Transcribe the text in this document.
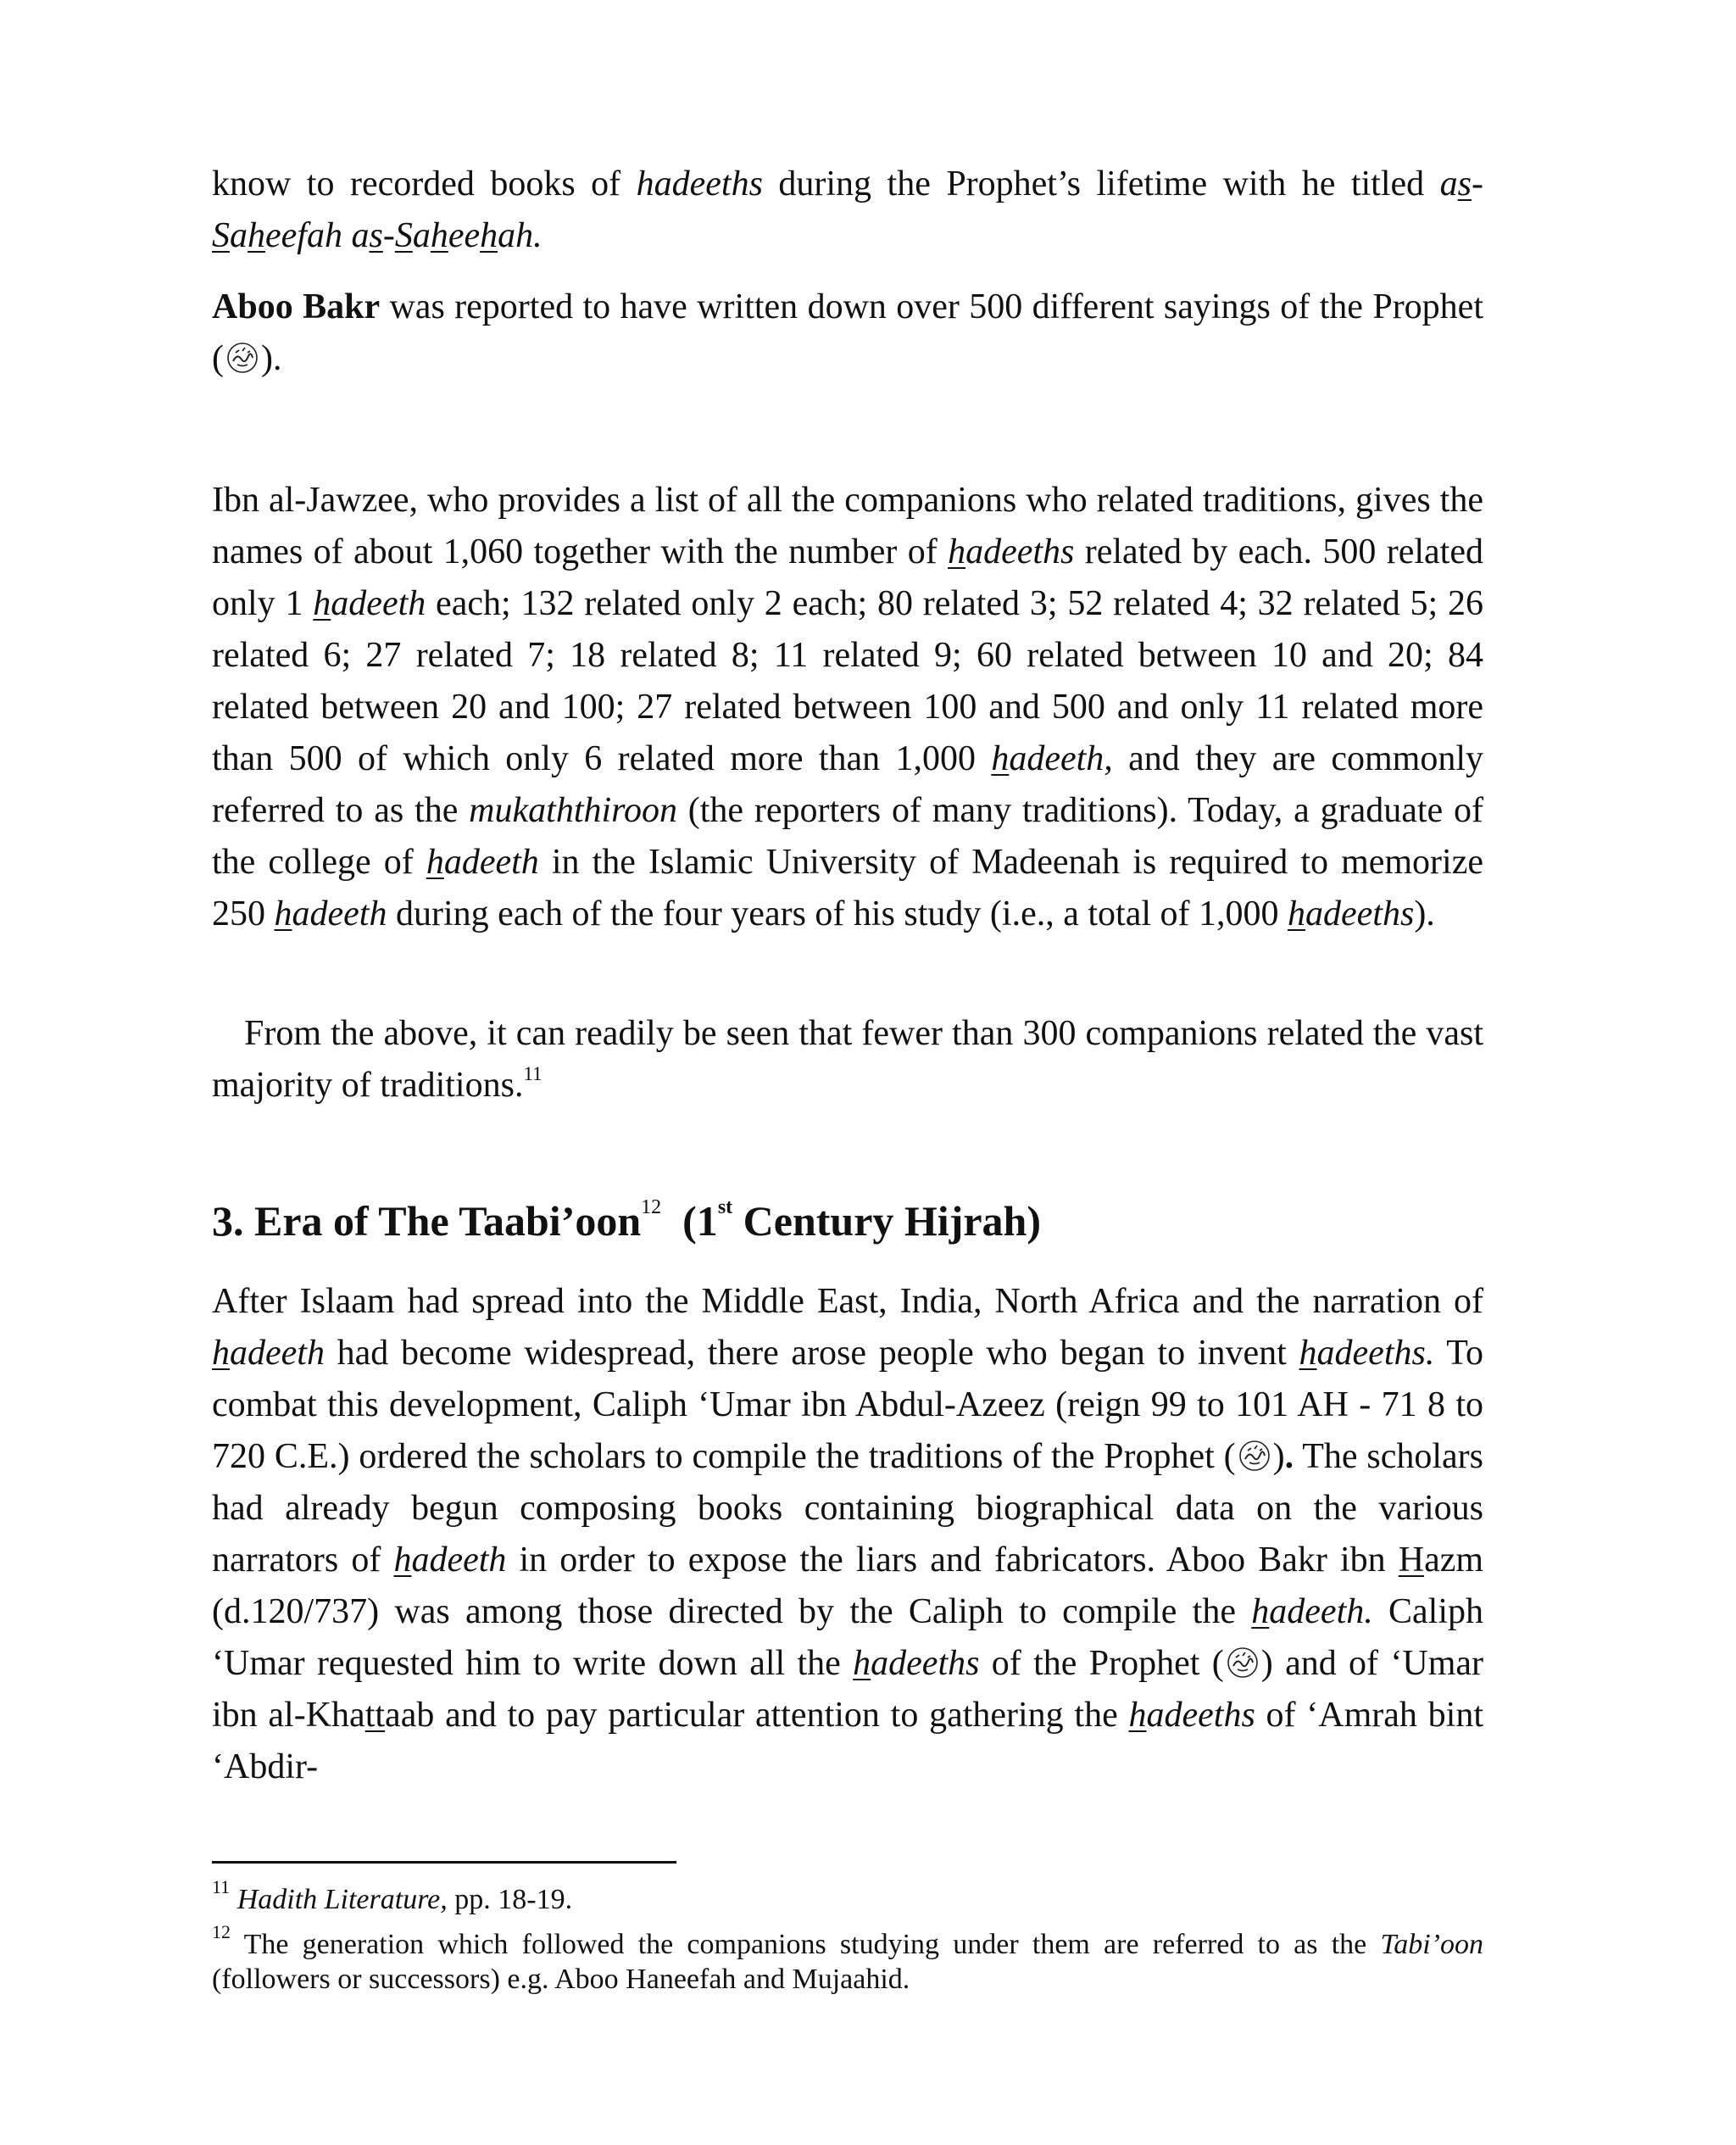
know to recorded books of hadeeths during the Prophet’s lifetime with he titled as-Saheefah as-Saheehah.

Aboo Bakr was reported to have written down over 500 different sayings of the Prophet ( ).

Ibn al-Jawzee, who provides a list of all the companions who related traditions, gives the names of about 1,060 together with the number of hadeeths related by each. 500 related only 1 hadeeth each; 132 related only 2 each; 80 related 3; 52 related 4; 32 related 5; 26 related 6; 27 related 7; 18 related 8; 11 related 9; 60 related between 10 and 20; 84 related between 20 and 100; 27 related between 100 and 500 and only 11 related more than 500 of which only 6 related more than 1,000 hadeeth, and they are commonly referred to as the mukaththiroon (the reporters of many traditions). Today, a graduate of the college of hadeeth in the Islamic University of Madeenah is required to memorize 250 hadeeth during each of the four years of his study (i.e., a total of 1,000 hadeeths).

From the above, it can readily be seen that fewer than 300 companions related the vast majority of traditions.$^{11}$

3. Era of The Taabi’oon$^{12}$  (1st Century Hijrah)

After Islaam had spread into the Middle East, India, North Africa and the narration of hadeeth had become widespread, there arose people who began to invent hadeeths. To combat this development, Caliph ‘Umar ibn Abdul-Azeez (reign 99 to 101 AH - 71 8 to 720 C.E.) ordered the scholars to compile the traditions of the Prophet ( ). The scholars had already begun composing books containing biographical data on the various narrators of hadeeth in order to expose the liars and fabricators. Aboo Bakr ibn Hazm (d.120/737) was among those directed by the Caliph to compile the hadeeth. Caliph ‘Umar requested him to write down all the hadeeths of the Prophet ( ) and of ‘Umar ibn al-Khattaab and to pay particular attention to gathering the hadeeths of ‘Amrah bint ‘Abdir-

$^{11}$ Hadith Literature, pp. 18-19.

$^{12}$ The generation which followed the companions studying under them are referred to as the Tabi’oon (followers or successors) e.g. Aboo Haneefah and Mujaahid.
